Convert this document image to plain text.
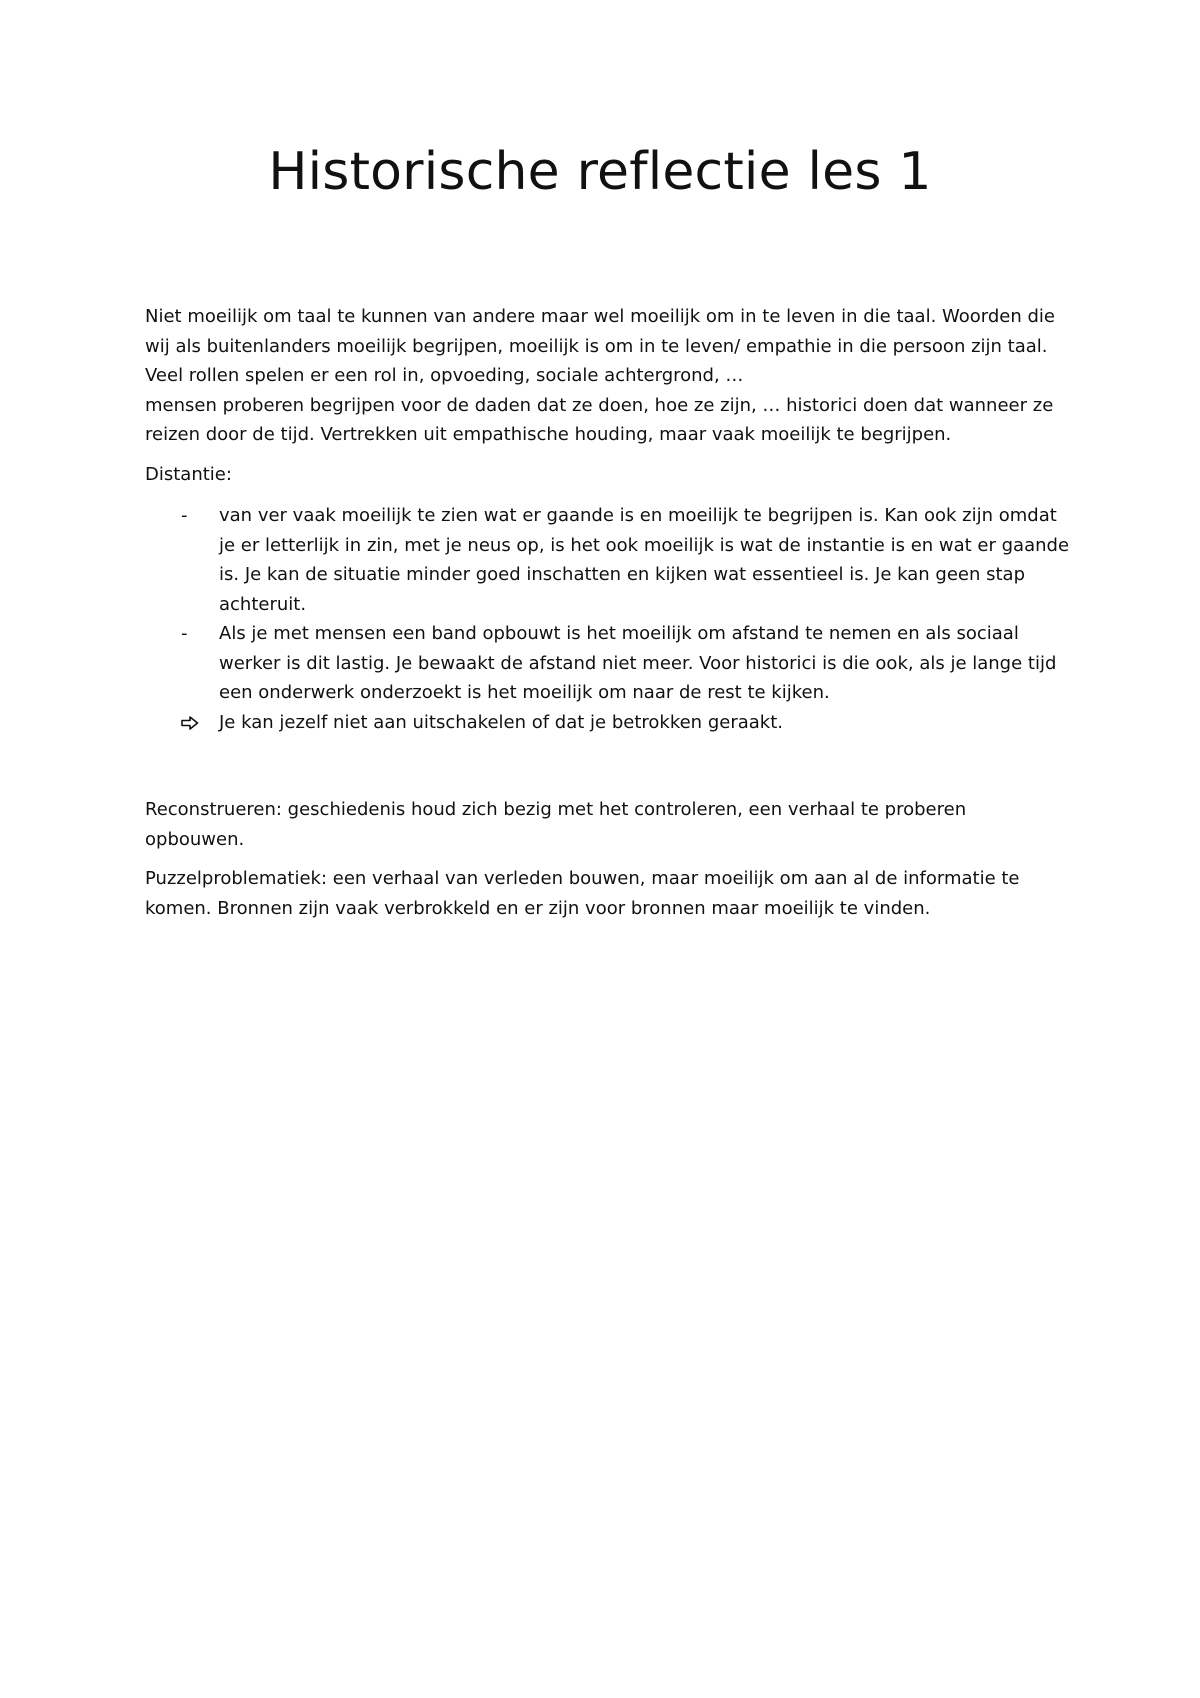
Historische reflectie les 1

Niet moeilijk om taal te kunnen van andere maar wel moeilijk om in te leven in die taal. Woorden die
wij als buitenlanders moeilijk begrijpen, moeilijk is om in te leven/ empathie in die persoon zijn taal.
Veel rollen spelen er een rol in, opvoeding, sociale achtergrond, …
mensen proberen begrijpen voor de daden dat ze doen, hoe ze zijn, … historici doen dat wanneer ze
reizen door de tijd. Vertrekken uit empathische houding, maar vaak moeilijk te begrijpen.

Distantie:

-	van ver vaak moeilijk te zien wat er gaande is en moeilijk te begrijpen is. Kan ook zijn omdat
je er letterlijk in zin, met je neus op, is het ook moeilijk is wat de instantie is en wat er gaande
is. Je kan de situatie minder goed inschatten en kijken wat essentieel is. Je kan geen stap
achteruit.
-	Als je met mensen een band opbouwt is het moeilijk om afstand te nemen en als sociaal
werker is dit lastig. Je bewaakt de afstand niet meer. Voor historici is die ook, als je lange tijd
een onderwerk onderzoekt is het moeilijk om naar de rest te kijken.
Je kan jezelf niet aan uitschakelen of dat je betrokken geraakt.

Reconstrueren: geschiedenis houd zich bezig met het controleren, een verhaal te proberen
opbouwen.

Puzzelproblematiek: een verhaal van verleden bouwen, maar moeilijk om aan al de informatie te
komen. Bronnen zijn vaak verbrokkeld en er zijn voor bronnen maar moeilijk te vinden.
